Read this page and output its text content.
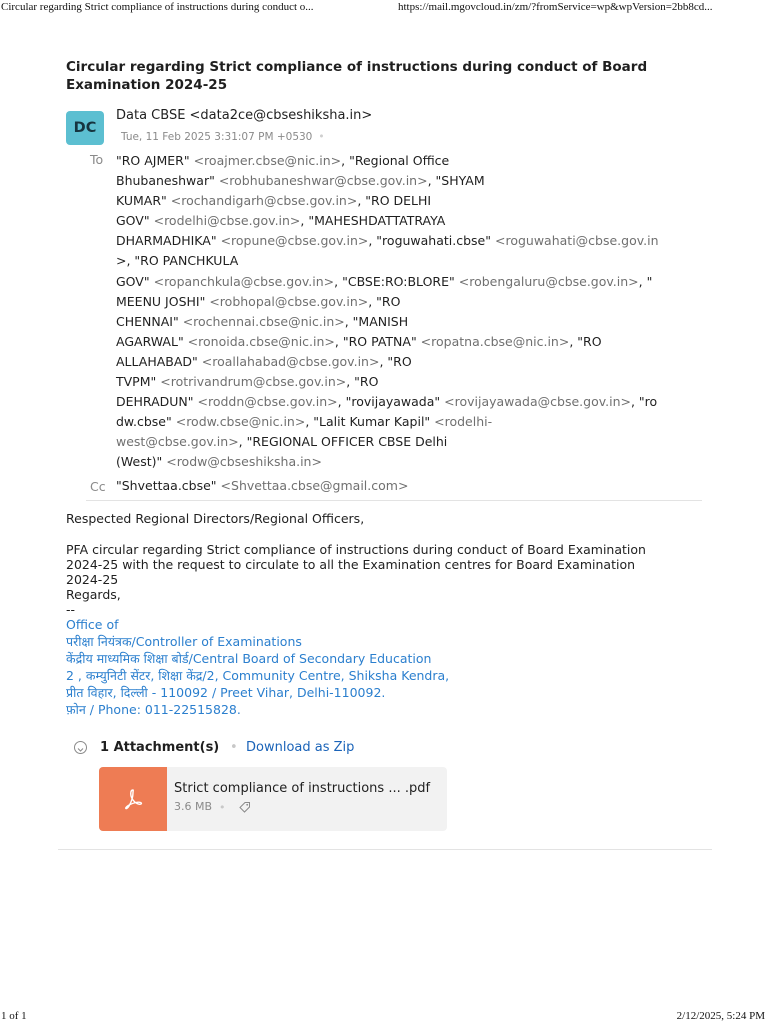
Circular regarding Strict compliance of instructions during conduct o...	https://mail.mgovcloud.in/zm/?fromService=wp&wpVersion=2bb8cd...
Circular regarding Strict compliance of instructions during conduct of Board
Examination 2024-25
DC
Data CBSE <data2ce@cbseshiksha.in>
Tue, 11 Feb 2025 3:31:07 PM +0530 •
To "RO AJMER" <roajmer.cbse@nic.in>, "Regional Office
Bhubaneshwar" <robhubaneshwar@cbse.gov.in>, "SHYAM
KUMAR" <rochandigarh@cbse.gov.in>, "RO DELHI
GOV" <rodelhi@cbse.gov.in>, "MAHESHDATTATRAYA
DHARMADHIKA" <ropune@cbse.gov.in>, "roguwahati.cbse" <roguwahati@cbse.gov.in
>, "RO PANCHKULA
GOV" <ropanchkula@cbse.gov.in>, "CBSE:RO:BLORE" <robengaluru@cbse.gov.in>, "
MEENU JOSHI" <robhopal@cbse.gov.in>, "RO
CHENNAI" <rochennai.cbse@nic.in>, "MANISH
AGARWAL" <ronoida.cbse@nic.in>, "RO PATNA" <ropatna.cbse@nic.in>, "RO
ALLAHABAD" <roallahabad@cbse.gov.in>, "RO
TVPM" <rotrivandrum@cbse.gov.in>, "RO
DEHRADUN" <roddn@cbse.gov.in>, "rovijayawada" <rovijayawada@cbse.gov.in>, "ro
dw.cbse" <rodw.cbse@nic.in>, "Lalit Kumar Kapil" <rodelhi-
west@cbse.gov.in>, "REGIONAL OFFICER CBSE Delhi
(West)" <rodw@cbseshiksha.in>
Cc "Shvettaa.cbse" <Shvettaa.cbse@gmail.com>
Respected Regional Directors/Regional Officers,
PFA circular regarding Strict compliance of instructions during conduct of Board Examination
2024-25 with the request to circulate to all the Examination centres for Board Examination
2024-25
Regards,
--
Office of
परीक्षा नियंत्रक/Controller of Examinations
केंद्रीय माध्यमिक शिक्षा बोर्ड/Central Board of Secondary Education
2 , कम्युनिटी सेंटर, शिक्षा केंद्र/2, Community Centre, Shiksha Kendra,
प्रीत विहार, दिल्ली - 110092 / Preet Vihar, Delhi-110092.
फ़ोन / Phone: 011-22515828.
1 Attachment(s) • Download as Zip
Strict compliance of instructions ... .pdf
3.6 MB •
1 of 1	2/12/2025, 5:24 PM
